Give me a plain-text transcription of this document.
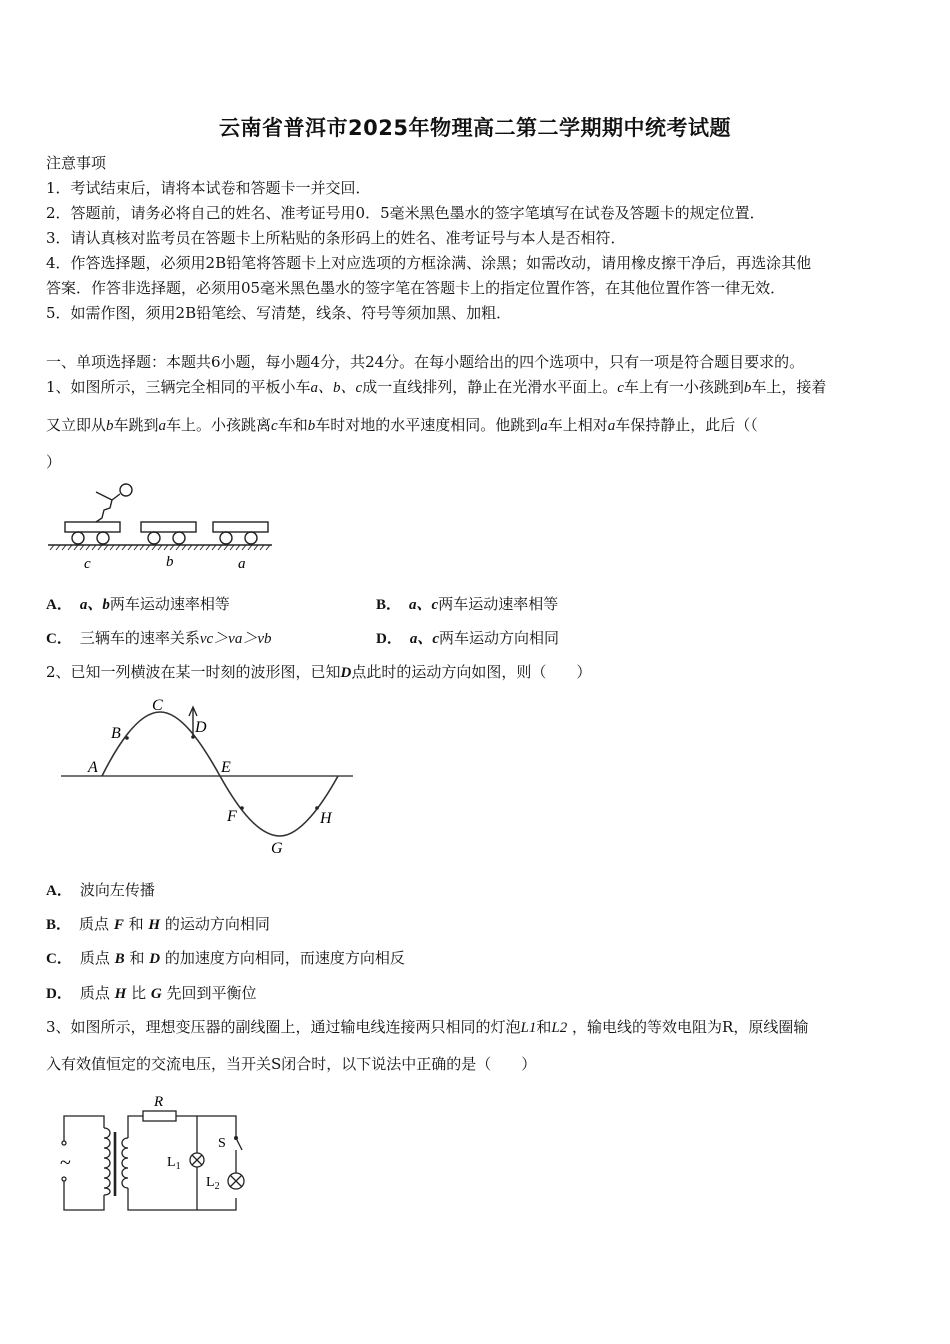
云南省普洱市2025年物理高二第二学期期中统考试题
注意事项
1．考试结束后，请将本试卷和答题卡一并交回．
2．答题前，请务必将自己的姓名、准考证号用0．5毫米黑色墨水的签字笔填写在试卷及答题卡的规定位置．
3．请认真核对监考员在答题卡上所粘贴的条形码上的姓名、准考证号与本人是否相符．
4．作答选择题，必须用2B铅笔将答题卡上对应选项的方框涂满、涂黑；如需改动，请用橡皮擦干净后，再选涂其他
答案．作答非选择题，必须用05毫米黑色墨水的签字笔在答题卡上的指定位置作答，在其他位置作答一律无效．
5．如需作图，须用2B铅笔绘、写清楚，线条、符号等须加黑、加粗．
一、单项选择题：本题共6小题，每小题4分，共24分。在每小题给出的四个选项中，只有一项是符合题目要求的。
1、如图所示，三辆完全相同的平板小车a、b、c成一直线排列，静止在光滑水平面上。c车上有一小孩跳到b车上，接着
又立即从b车跳到a车上。小孩跳离c车和b车时对地的水平速度相同。他跳到a车上相对a车保持静止，此后（（
）
c	b	a
A． a、b两车运动速率相等	B． a、c两车运动速率相等
C． 三辆车的速率关系vc＞va＞vb	D． a、c两车运动方向相同
2、已知一列横波在某一时刻的波形图，已知D点此时的运动方向如图，则（　　）
A
B
C
D
E
F
G
H
A． 波向左传播
B． 质点 F 和 H 的运动方向相同
C． 质点 B 和 D 的加速度方向相同，而速度方向相反
D． 质点 H 比 G 先回到平衡位
3、如图所示，理想变压器的副线圈上，通过输电线连接两只相同的灯泡L1和L2 ，输电线的等效电阻为R，原线圈输
入有效值恒定的交流电压，当开关S闭合时，以下说法中正确的是（　　）
~
R
S
$L_1$
$L_2$
